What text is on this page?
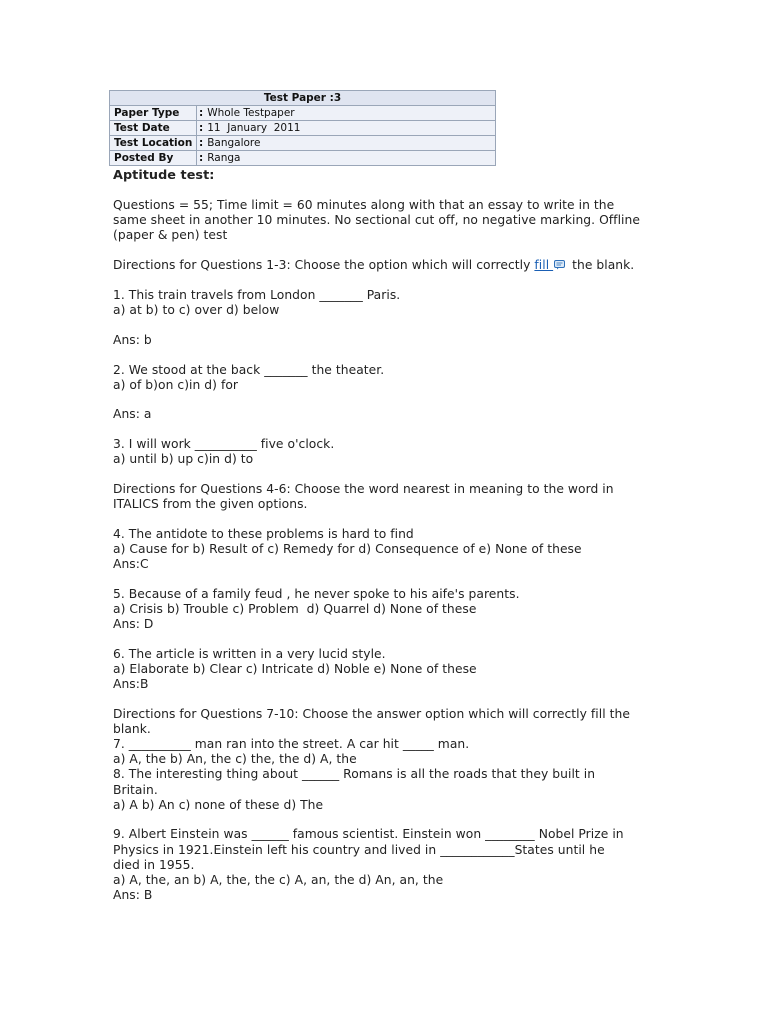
Test Paper :3	
Paper Type	: Whole Testpaper
Test Date	: 11  January  2011
Test Location	: Bangalore
Posted By	: Ranga
Aptitude test:
Questions = 55; Time limit = 60 minutes along with that an essay to write in the
same sheet in another 10 minutes. No sectional cut off, no negative marking. Offline
(paper & pen) test
Directions for Questions 1-3: Choose the option which will correctly fill  the blank.
1. This train travels from London _______ Paris.
a) at b) to c) over d) below
Ans: b
2. We stood at the back _______ the theater.
a) of b)on c)in d) for
Ans: a
3. I will work __________ five o'clock.
a) until b) up c)in d) to
Directions for Questions 4-6: Choose the word nearest in meaning to the word in
ITALICS from the given options.
4. The antidote to these problems is hard to find
a) Cause for b) Result of c) Remedy for d) Consequence of e) None of these
Ans:C
5. Because of a family feud , he never spoke to his aife's parents.
a) Crisis b) Trouble c) Problem  d) Quarrel d) None of these
Ans: D
6. The article is written in a very lucid style.
a) Elaborate b) Clear c) Intricate d) Noble e) None of these
Ans:B
Directions for Questions 7-10: Choose the answer option which will correctly fill the
blank.
7. __________ man ran into the street. A car hit _____ man.
a) A, the b) An, the c) the, the d) A, the
8. The interesting thing about ______ Romans is all the roads that they built in
Britain.
a) A b) An c) none of these d) The
9. Albert Einstein was ______ famous scientist. Einstein won ________ Nobel Prize in
Physics in 1921.Einstein left his country and lived in ____________States until he
died in 1955.
a) A, the, an b) A, the, the c) A, an, the d) An, an, the
Ans: B
